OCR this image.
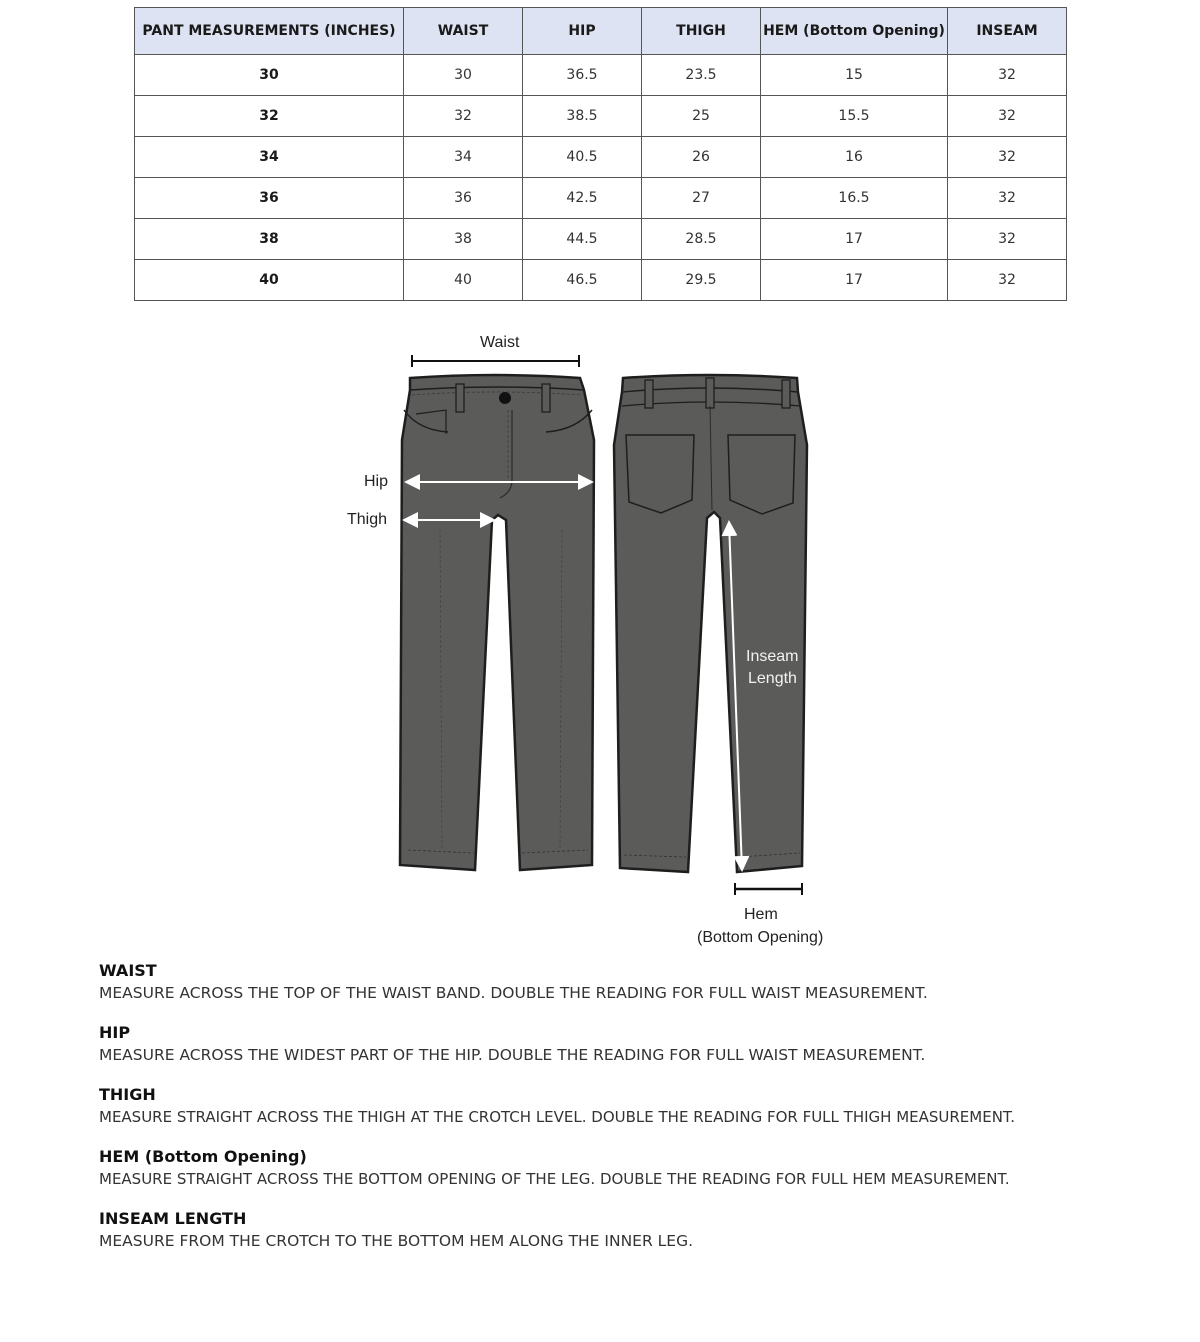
PANT MEASUREMENTS (INCHES)	WAIST	HIP	THIGH	HEM (Bottom Opening)	INSEAM
30	30	36.5	23.5	15	32
32	32	38.5	25	15.5	32
34	34	40.5	26	16	32
36	36	42.5	27	16.5	32
38	38	44.5	28.5	17	32
40	40	46.5	29.5	17	32
Waist
Hip
Thigh
Inseam
Length
Hem
(Bottom Opening)
WAIST
MEASURE ACROSS THE TOP OF THE WAIST BAND. DOUBLE THE READING FOR FULL WAIST MEASUREMENT.
HIP
MEASURE ACROSS THE WIDEST PART OF THE HIP. DOUBLE THE READING FOR FULL WAIST MEASUREMENT.
THIGH
MEASURE STRAIGHT ACROSS THE THIGH AT THE CROTCH LEVEL. DOUBLE THE READING FOR FULL THIGH MEASUREMENT.
HEM (Bottom Opening)
MEASURE STRAIGHT ACROSS THE BOTTOM OPENING OF THE LEG. DOUBLE THE READING FOR FULL HEM MEASUREMENT.
INSEAM LENGTH
MEASURE FROM THE CROTCH TO THE BOTTOM HEM ALONG THE INNER LEG.
